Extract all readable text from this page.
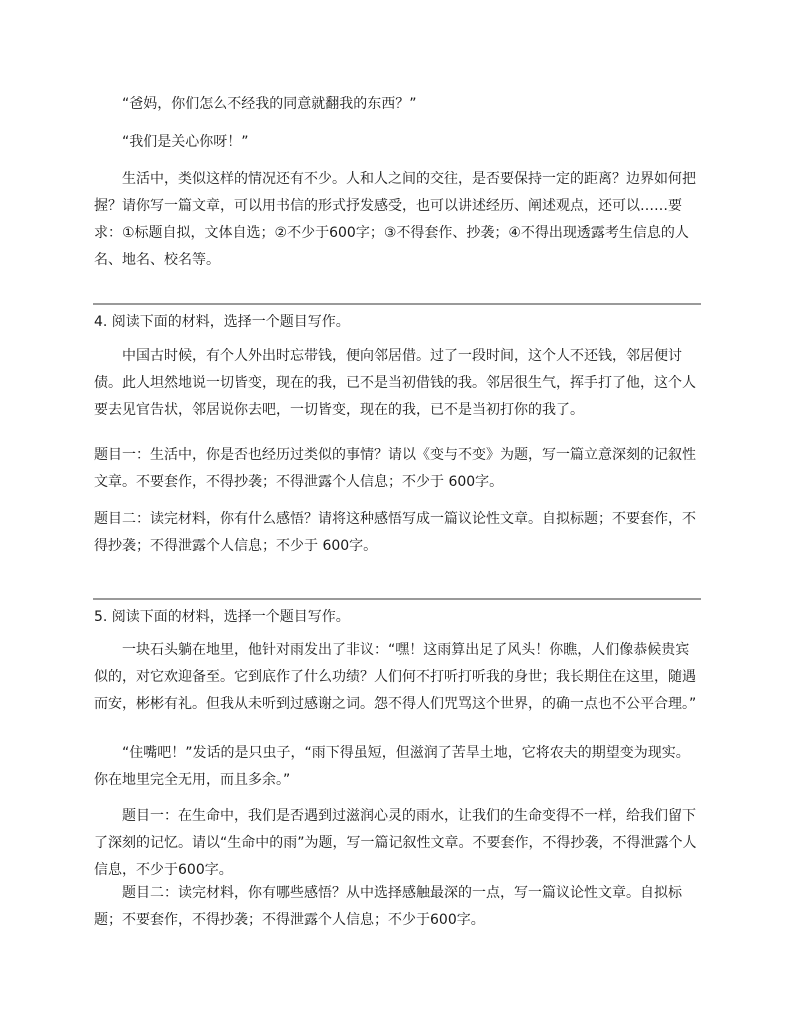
“爸妈，你们怎么不经我的同意就翻我的东西？”

“我们是关心你呀！”

生活中，类似这样的情况还有不少。人和人之间的交往，是否要保持一定的距离？边界如何把握？请你写一篇文章，可以用书信的形式抒发感受，也可以讲述经历、阐述观点，还可以……要求：①标题自拟，文体自选；②不少于600字；③不得套作、抄袭；④不得出现透露考生信息的人名、地名、校名等。

4. 阅读下面的材料，选择一个题目写作。

中国古时候，有个人外出时忘带钱，便向邻居借。过了一段时间，这个人不还钱，邻居便讨债。此人坦然地说一切皆变，现在的我，已不是当初借钱的我。邻居很生气，挥手打了他，这个人要去见官告状，邻居说你去吧，一切皆变，现在的我，已不是当初打你的我了。

题目一：生活中，你是否也经历过类似的事情？请以《变与不变》为题，写一篇立意深刻的记叙性文章。不要套作，不得抄袭；不得泄露个人信息；不少于 600字。

题目二：读完材料，你有什么感悟？请将这种感悟写成一篇议论性文章。自拟标题；不要套作，不得抄袭；不得泄露个人信息；不少于 600字。

5. 阅读下面的材料，选择一个题目写作。

一块石头躺在地里，他针对雨发出了非议：“嘿！这雨算出足了风头！你瞧，人们像恭候贵宾似的，对它欢迎备至。它到底作了什么功绩？人们何不打听打听我的身世；我长期住在这里，随遇而安，彬彬有礼。但我从未听到过感谢之词。怨不得人们咒骂这个世界，的确一点也不公平合理。”

“住嘴吧！”发话的是只虫子，“雨下得虽短，但滋润了苦旱土地，它将农夫的期望变为现实。你在地里完全无用，而且多余。”

题目一：在生命中，我们是否遇到过滋润心灵的雨水，让我们的生命变得不一样，给我们留下了深刻的记忆。请以“生命中的雨”为题，写一篇记叙性文章。不要套作，不得抄袭，不得泄露个人信息，不少于600字。

题目二：读完材料，你有哪些感悟？从中选择感触最深的一点，写一篇议论性文章。自拟标题；不要套作，不得抄袭；不得泄露个人信息；不少于600字。
